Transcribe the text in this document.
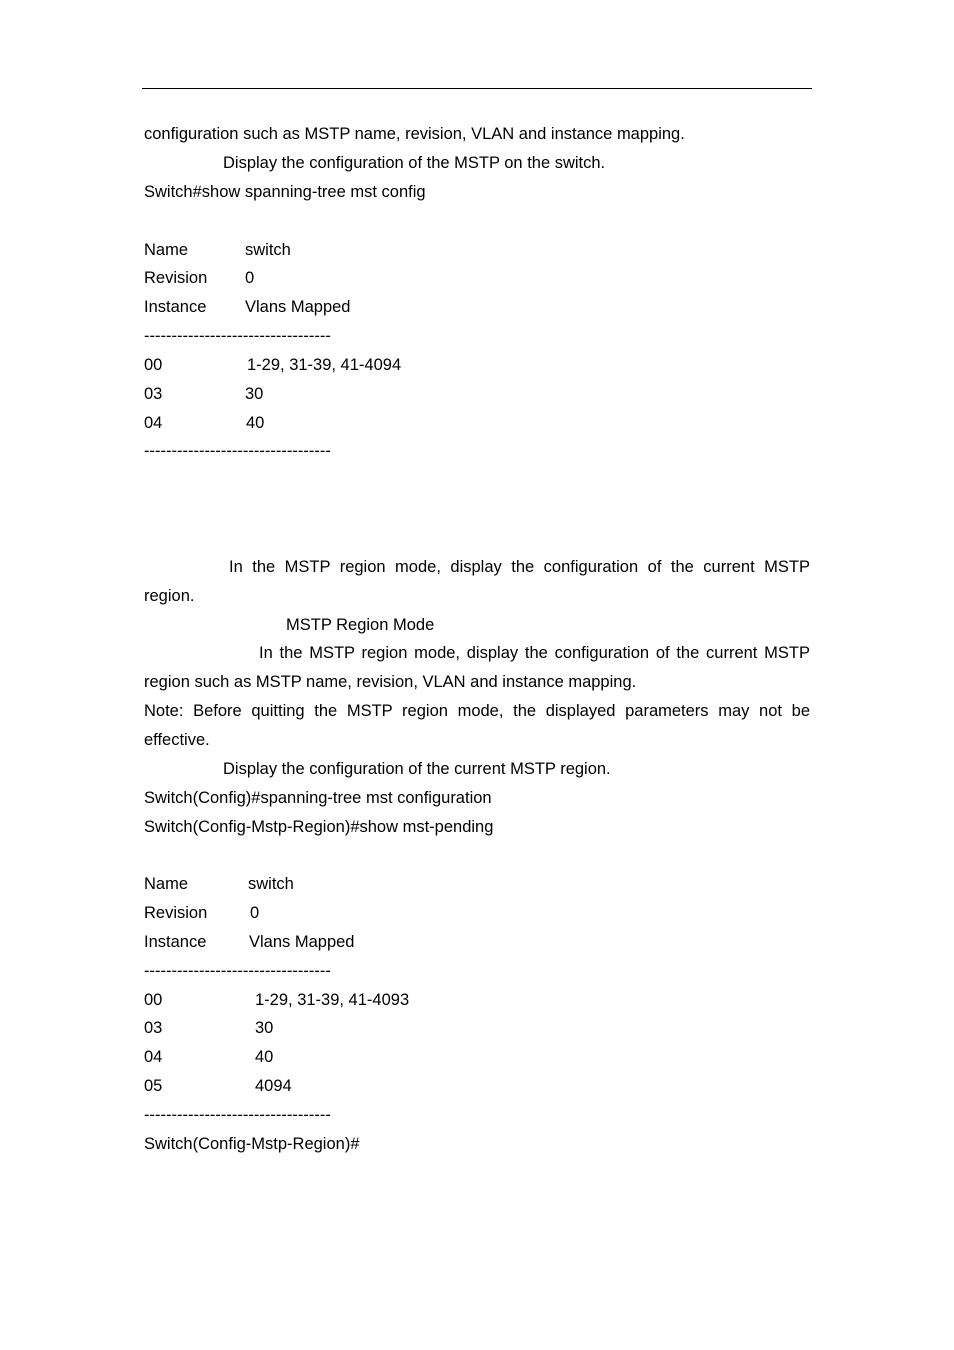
configuration such as MSTP name, revision, VLAN and instance mapping.
Display the configuration of the MSTP on the switch.
Switch#show spanning-tree mst config
Name	switch
Revision 0
Instance Vlans Mapped
----------------------------------
00	1-29, 31-39, 41-4094
03	30
04	40
----------------------------------
In the MSTP region mode, display the configuration of the current MSTP region.
MSTP Region Mode
In the MSTP region mode, display the configuration of the current MSTP region such as MSTP name, revision, VLAN and instance mapping.
Note: Before quitting the MSTP region mode, the displayed parameters may not be effective.
Display the configuration of the current MSTP region.
Switch(Config)#spanning-tree mst configuration
Switch(Config-Mstp-Region)#show mst-pending
Name	switch
Revision	0
Instance	Vlans Mapped
----------------------------------
00	1-29, 31-39, 41-4093
03	30
04	40
05	4094
----------------------------------
Switch(Config-Mstp-Region)#
